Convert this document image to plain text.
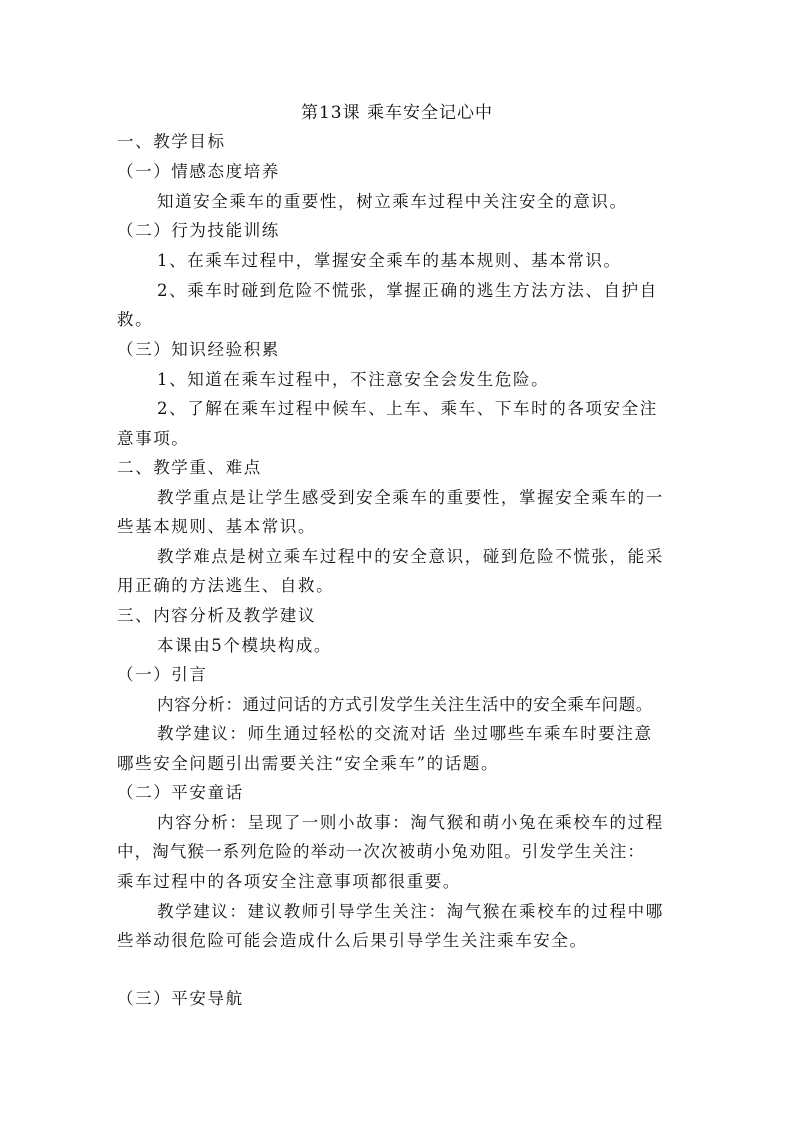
第13课 乘车安全记心中
一、教学目标
（一）情感态度培养
知道安全乘车的重要性，树立乘车过程中关注安全的意识。
（二）行为技能训练
1、在乘车过程中，掌握安全乘车的基本规则、基本常识。
2、乘车时碰到危险不慌张，掌握正确的逃生方法方法、自护自
救。
（三）知识经验积累
1、知道在乘车过程中，不注意安全会发生危险。
2、了解在乘车过程中候车、上车、乘车、下车时的各项安全注
意事项。
二、教学重、难点
教学重点是让学生感受到安全乘车的重要性，掌握安全乘车的一
些基本规则、基本常识。
教学难点是树立乘车过程中的安全意识，碰到危险不慌张，能采
用正确的方法逃生、自救。
三、内容分析及教学建议
本课由5个模块构成。
（一）引言
内容分析：通过问话的方式引发学生关注生活中的安全乘车问题。
教学建议：师生通过轻松的交流对话 坐过哪些车乘车时要注意
哪些安全问题引出需要关注“安全乘车”的话题。
（二）平安童话
内容分析：呈现了一则小故事：淘气猴和萌小兔在乘校车的过程
中，淘气猴一系列危险的举动一次次被萌小兔劝阻。引发学生关注：
乘车过程中的各项安全注意事项都很重要。
教学建议：建议教师引导学生关注：淘气猴在乘校车的过程中哪
些举动很危险可能会造成什么后果引导学生关注乘车安全。
（三）平安导航
